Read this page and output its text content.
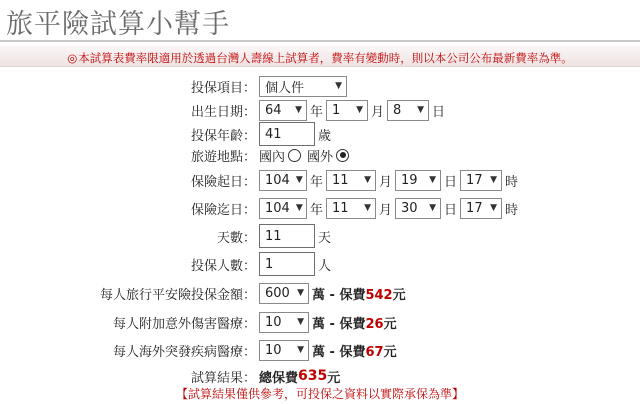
旅平險試算小幫手
◎本試算表費率限適用於透過台灣人壽線上試算者，費率有變動時，則以本公司公布最新費率為準。
投保項目： 個人件	▼
出生日期： 64 ▼ 年 1 ▼ 月 8 ▼ 日
投保年齡： 41	歲
旅遊地點： 國內 國外
保險起日： 104 ▼ 年 11 ▼ 月 19 ▼ 日 17 ▼ 時
保險迄日： 104 ▼ 年 11 ▼ 月 30 ▼ 日 17 ▼ 時
天數： 11	天
投保人數： 1	人
每人旅行平安險投保金額： 600 ▼ 萬 - 保費542元
每人附加意外傷害醫療： 10 ▼ 萬 - 保費26元
每人海外突發疾病醫療： 10 ▼ 萬 - 保費67元
試算結果： 總保費 635 元
【試算結果僅供參考，可投保之資料以實際承保為準】
